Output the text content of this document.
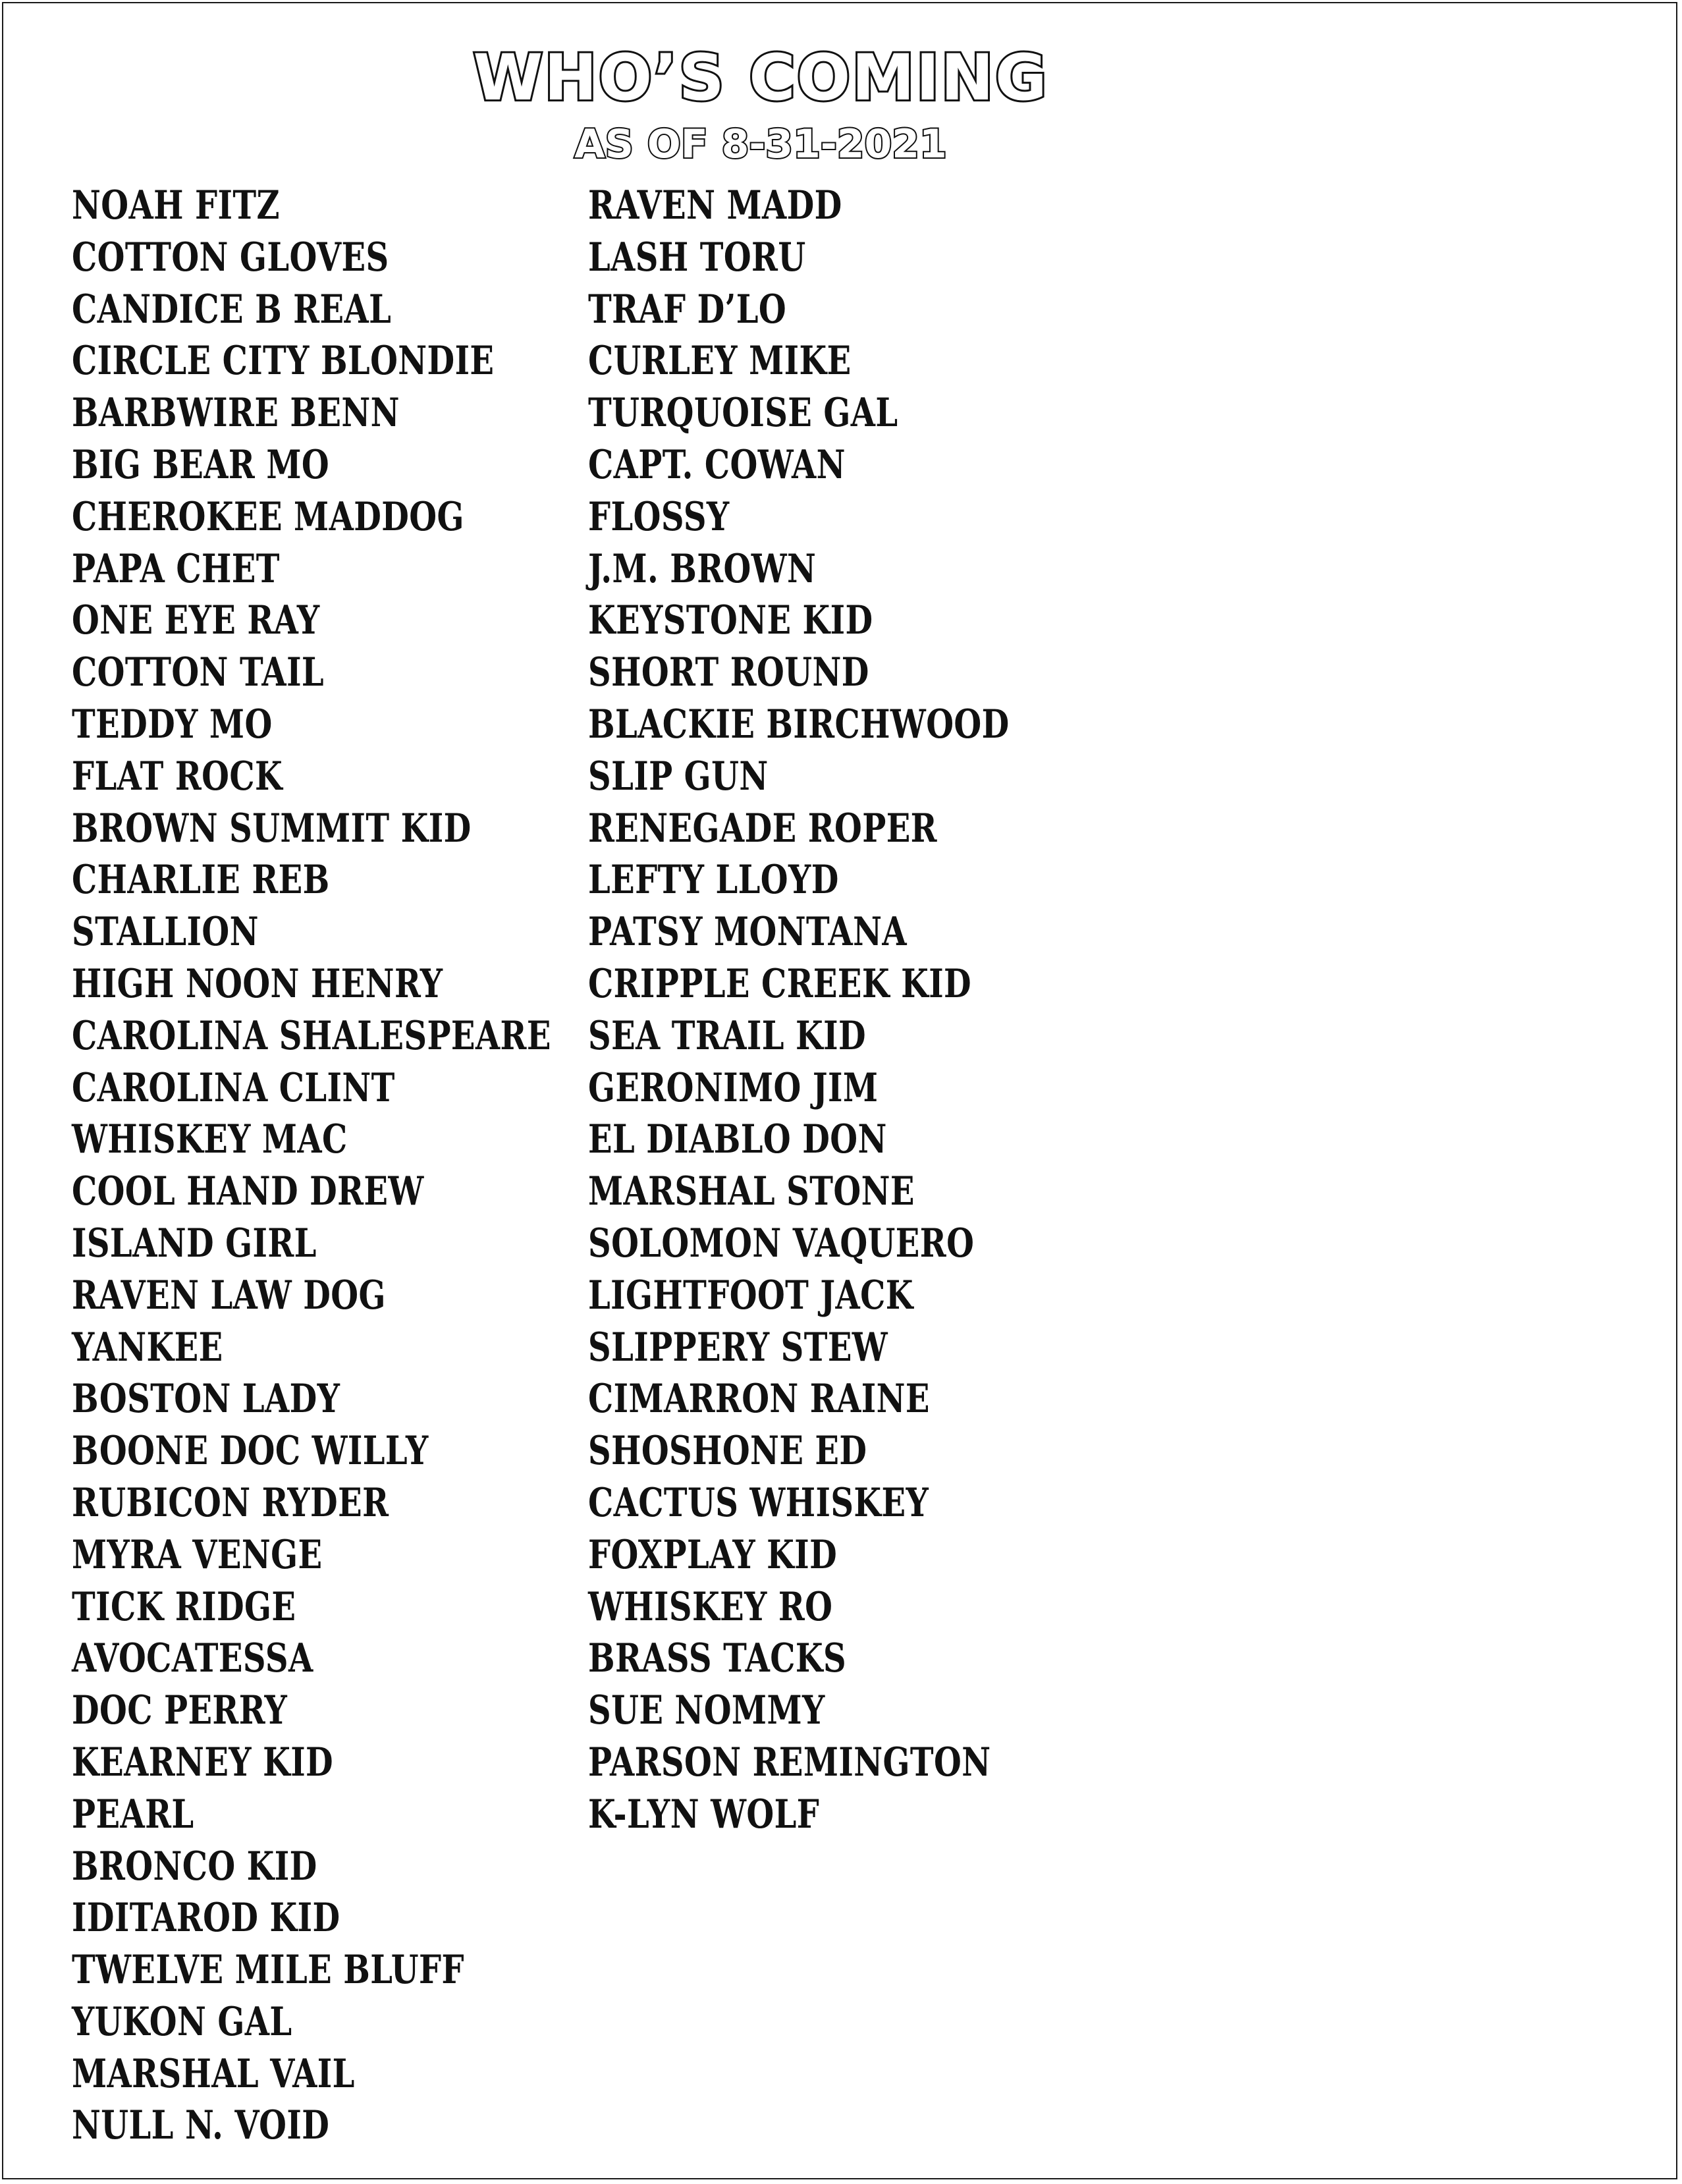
WHO’S COMING
AS OF 8-31-2021
NOAH FITZ
COTTON GLOVES
CANDICE B REAL
CIRCLE CITY BLONDIE
BARBWIRE BENN
BIG BEAR MO
CHEROKEE MADDOG
PAPA CHET
ONE EYE RAY
COTTON TAIL
TEDDY MO
FLAT ROCK
BROWN SUMMIT KID
CHARLIE REB
STALLION
HIGH NOON HENRY
CAROLINA SHALESPEARE
CAROLINA CLINT
WHISKEY MAC
COOL HAND DREW
ISLAND GIRL
RAVEN LAW DOG
YANKEE
BOSTON LADY
BOONE DOC WILLY
RUBICON RYDER
MYRA VENGE
TICK RIDGE
AVOCATESSA
DOC PERRY
KEARNEY KID
PEARL
BRONCO KID
IDITAROD KID
TWELVE MILE BLUFF
YUKON GAL
MARSHAL VAIL
NULL N. VOID
RAVEN MADD
LASH TORU
TRAF D’LO
CURLEY MIKE
TURQUOISE GAL
CAPT. COWAN
FLOSSY
J.M. BROWN
KEYSTONE KID
SHORT ROUND
BLACKIE BIRCHWOOD
SLIP GUN
RENEGADE ROPER
LEFTY LLOYD
PATSY MONTANA
CRIPPLE CREEK KID
SEA TRAIL KID
GERONIMO JIM
EL DIABLO DON
MARSHAL STONE
SOLOMON VAQUERO
LIGHTFOOT JACK
SLIPPERY STEW
CIMARRON RAINE
SHOSHONE ED
CACTUS WHISKEY
FOXPLAY KID
WHISKEY RO
BRASS TACKS
SUE NOMMY
PARSON REMINGTON
K-LYN WOLF
